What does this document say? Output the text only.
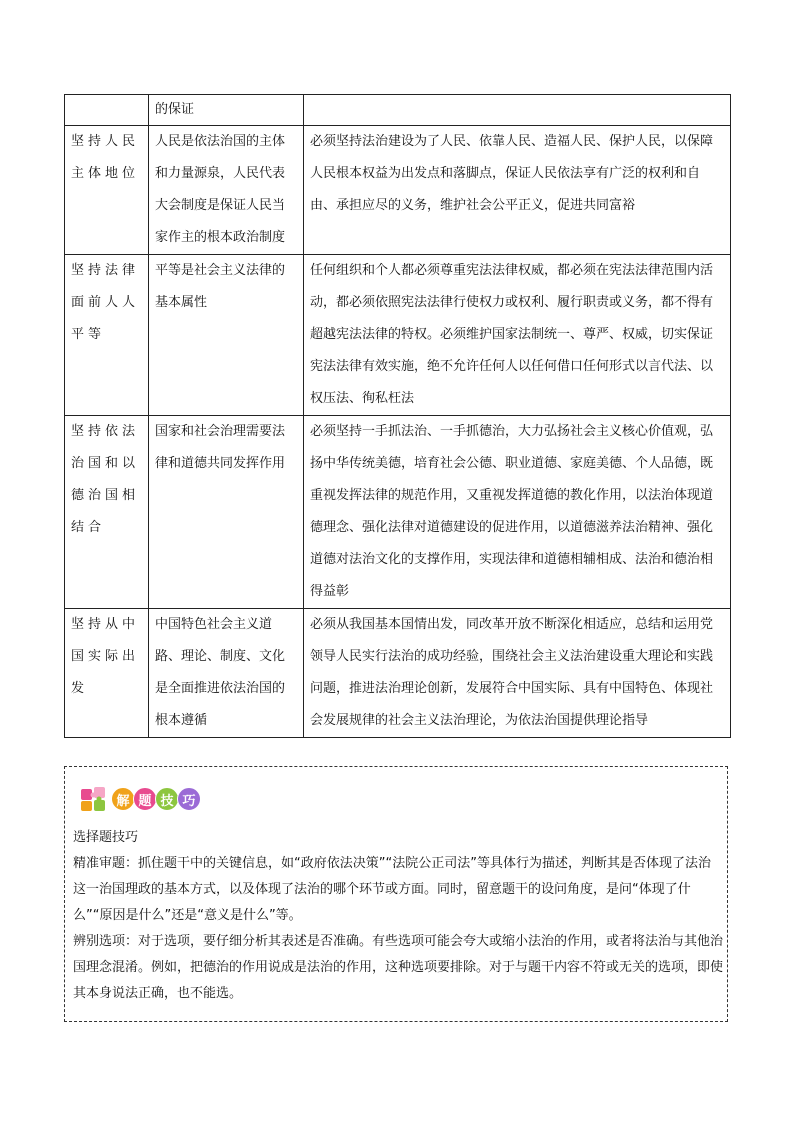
	的保证	
坚持人民主体地位	人民是依法治国的主体和力量源泉，人民代表大会制度是保证人民当家作主的根本政治制度	必须坚持法治建设为了人民、依靠人民、造福人民、保护人民，以保障人民根本权益为出发点和落脚点，保证人民依法享有广泛的权利和自由、承担应尽的义务，维护社会公平正义，促进共同富裕
坚持法律面前人人平等	平等是社会主义法律的基本属性	任何组织和个人都必须尊重宪法法律权威，都必须在宪法法律范围内活动，都必须依照宪法法律行使权力或权利、履行职责或义务，都不得有超越宪法法律的特权。必须维护国家法制统一、尊严、权威，切实保证宪法法律有效实施，绝不允许任何人以任何借口任何形式以言代法、以权压法、徇私枉法
坚持依法治国和以德治国相结合	国家和社会治理需要法律和道德共同发挥作用	必须坚持一手抓法治、一手抓德治，大力弘扬社会主义核心价值观，弘扬中华传统美德，培育社会公德、职业道德、家庭美德、个人品德，既重视发挥法律的规范作用，又重视发挥道德的教化作用，以法治体现道德理念、强化法律对道德建设的促进作用，以道德滋养法治精神、强化道德对法治文化的支撑作用，实现法律和道德相辅相成、法治和德治相得益彰
坚持从中国实际出发	中国特色社会主义道路、理论、制度、文化是全面推进依法治国的根本遵循	必须从我国基本国情出发，同改革开放不断深化相适应，总结和运用党领导人民实行法治的成功经验，围绕社会主义法治建设重大理论和实践问题，推进法治理论创新，发展符合中国实际、具有中国特色、体现社会发展规律的社会主义法治理论，为依法治国提供理论指导
解 题 技 巧

选择题技巧

精准审题：抓住题干中的关键信息，如“政府依法决策”“法院公正司法”等具体行为描述，判断其是否体现了法治这一治国理政的基本方式，以及体现了法治的哪个环节或方面。同时，留意题干的设问角度，是问“体现了什么”“原因是什么”还是“意义是什么”等。

辨别选项：对于选项，要仔细分析其表述是否准确。有些选项可能会夸大或缩小法治的作用，或者将法治与其他治国理念混淆。例如，把德治的作用说成是法治的作用，这种选项要排除。对于与题干内容不符或无关的选项，即使其本身说法正确，也不能选。
